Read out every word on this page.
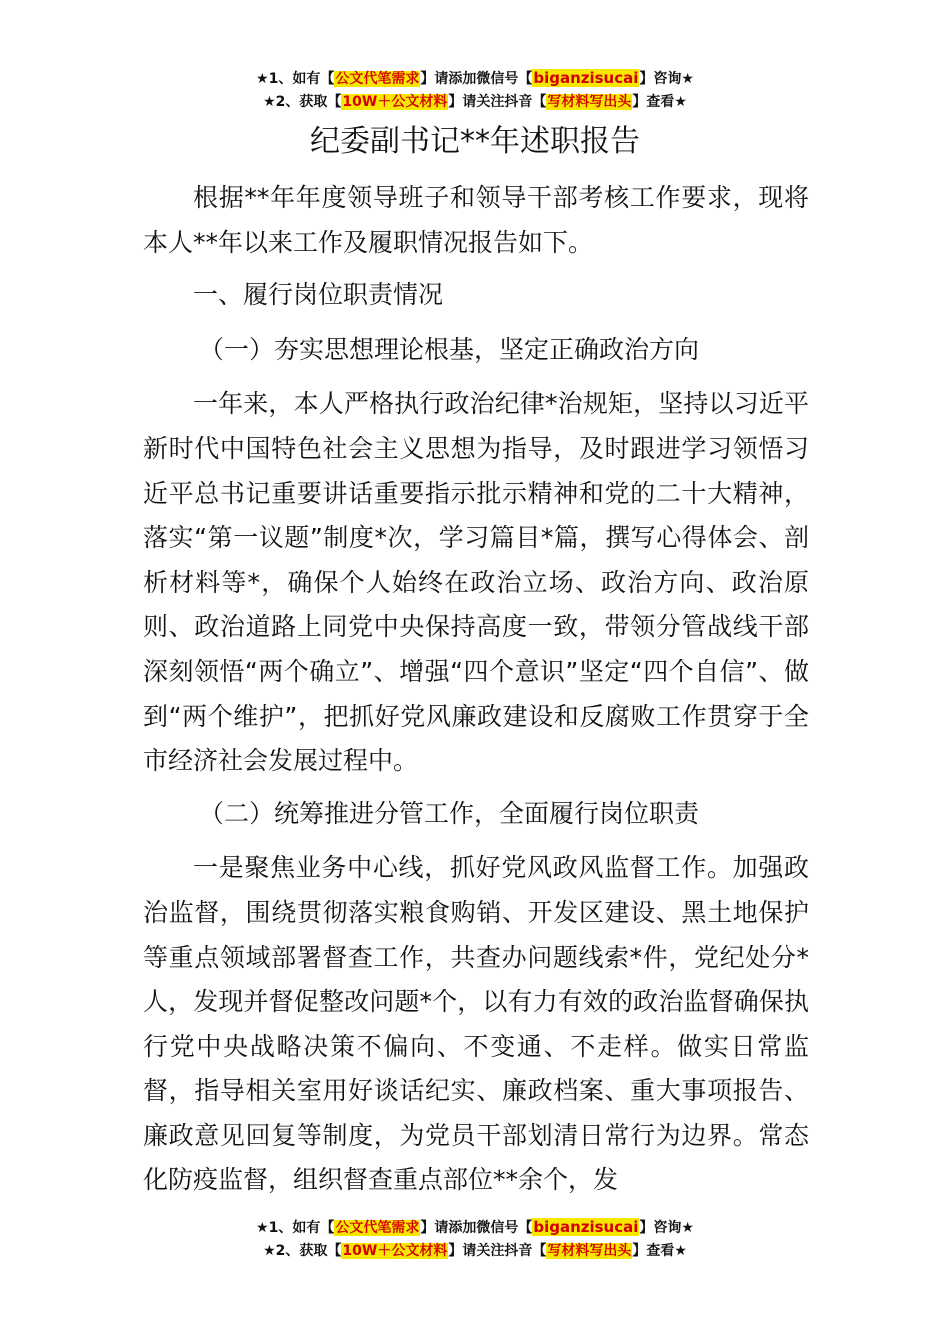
★1、如有【公文代笔需求】请添加微信号【biganzisucai】咨询★
★2、获取【10W＋公文材料】请关注抖音【写材料写出头】查看★
纪委副书记**年述职报告

根据**年年度领导班子和领导干部考核工作要求，现将本人**年以来工作及履职情况报告如下。

一、履行岗位职责情况

（一）夯实思想理论根基，坚定正确政治方向

一年来，本人严格执行政治纪律*治规矩，坚持以习近平新时代中国特色社会主义思想为指导，及时跟进学习领悟习近平总书记重要讲话重要指示批示精神和党的二十大精神，落实“第一议题”制度*次，学习篇目*篇，撰写心得体会、剖析材料等*，确保个人始终在政治立场、政治方向、政治原则、政治道路上同党中央保持高度一致，带领分管战线干部深刻领悟“两个确立”、增强“四个意识”坚定“四个自信”、做到“两个维护”，把抓好党风廉政建设和反腐败工作贯穿于全市经济社会发展过程中。

（二）统筹推进分管工作，全面履行岗位职责

一是聚焦业务中心线，抓好党风政风监督工作。加强政治监督，围绕贯彻落实粮食购销、开发区建设、黑土地保护等重点领域部署督查工作，共查办问题线索*件，党纪处分*人，发现并督促整改问题*个，以有力有效的政治监督确保执行党中央战略决策不偏向、不变通、不走样。做实日常监督，指导相关室用好谈话纪实、廉政档案、重大事项报告、廉政意见回复等制度，为党员干部划清日常行为边界。常态化防疫监督，组织督查重点部位**余个，发

★1、如有【公文代笔需求】请添加微信号【biganzisucai】咨询★
★2、获取【10W＋公文材料】请关注抖音【写材料写出头】查看★
